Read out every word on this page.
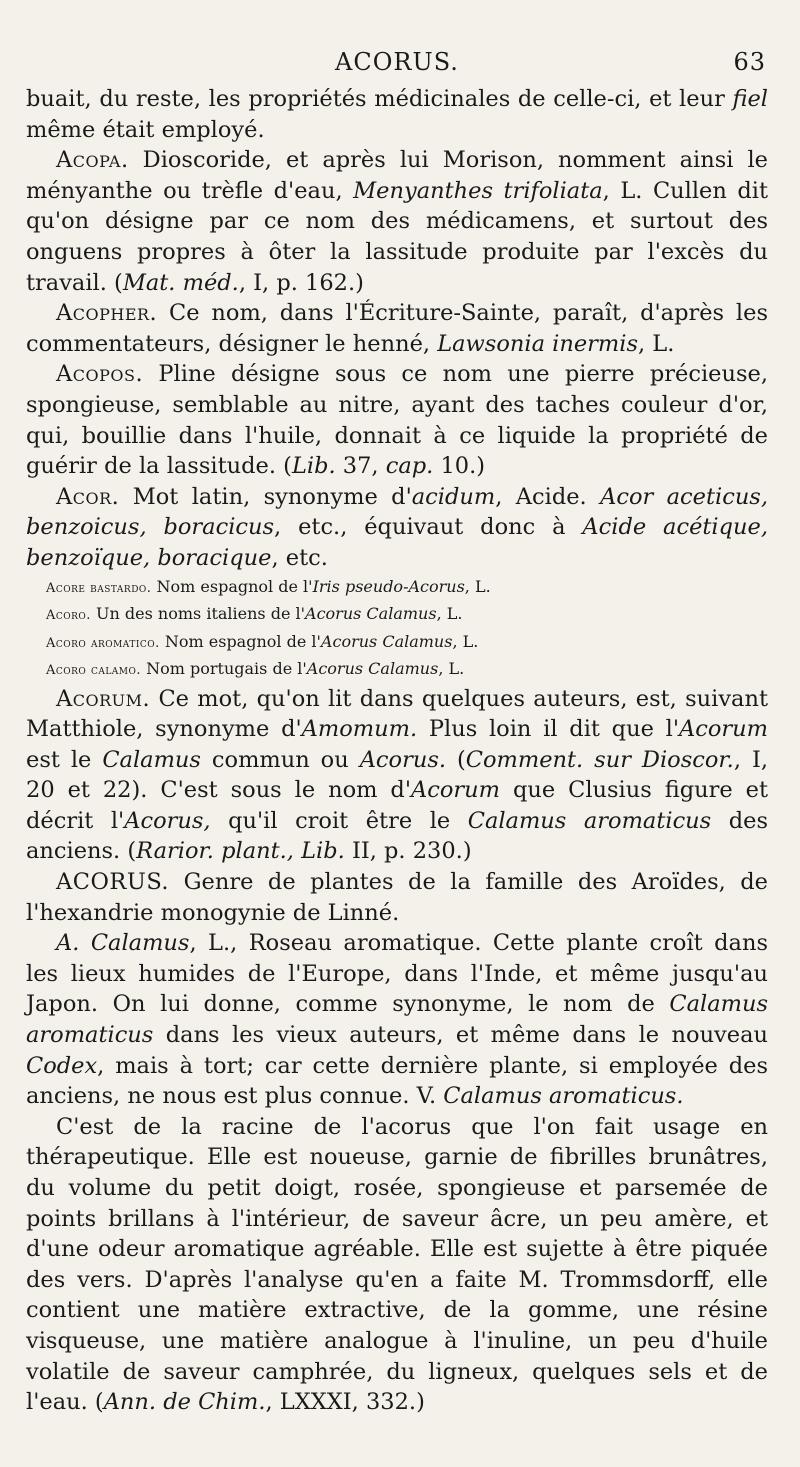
ACORUS.	63

buait, du reste, les propriétés médicinales de celle-ci, et leur fiel même était employé.

Acopa. Dioscoride, et après lui Morison, nomment ainsi le ményanthe ou trèfle d'eau, Menyanthes trifoliata, L. Cullen dit qu'on désigne par ce nom des médicamens, et surtout des onguens propres à ôter la lassitude produite par l'excès du travail. (Mat. méd., I, p. 162.)

Acopher. Ce nom, dans l'Écriture-Sainte, paraît, d'après les commentateurs, désigner le henné, Lawsonia inermis, L.

Acopos. Pline désigne sous ce nom une pierre précieuse, spongieuse, semblable au nitre, ayant des taches couleur d'or, qui, bouillie dans l'huile, donnait à ce liquide la propriété de guérir de la lassitude. (Lib. 37, cap. 10.)

Acor. Mot latin, synonyme d'acidum, Acide. Acor aceticus, benzoicus, boracicus, etc., équivaut donc à Acide acétique, benzoïque, boracique, etc.

Acore bastardo. Nom espagnol de l'Iris pseudo-Acorus, L.

Acoro. Un des noms italiens de l'Acorus Calamus, L.

Acoro aromatico. Nom espagnol de l'Acorus Calamus, L.

Acoro calamo. Nom portugais de l'Acorus Calamus, L.

Acorum. Ce mot, qu'on lit dans quelques auteurs, est, suivant Matthiole, synonyme d'Amomum. Plus loin il dit que l'Acorum est le Calamus commun ou Acorus. (Comment. sur Dioscor., I, 20 et 22). C'est sous le nom d'Acorum que Clusius figure et décrit l'Acorus, qu'il croit être le Calamus aromaticus des anciens. (Rarior. plant., Lib. II, p. 230.)

ACORUS. Genre de plantes de la famille des Aroïdes, de l'hexandrie monogynie de Linné.

A. Calamus, L., Roseau aromatique. Cette plante croît dans les lieux humides de l'Europe, dans l'Inde, et même jusqu'au Japon. On lui donne, comme synonyme, le nom de Calamus aromaticus dans les vieux auteurs, et même dans le nouveau Codex, mais à tort; car cette dernière plante, si employée des anciens, ne nous est plus connue. V. Calamus aromaticus.

C'est de la racine de l'acorus que l'on fait usage en thérapeutique. Elle est noueuse, garnie de fibrilles brunâtres, du volume du petit doigt, rosée, spongieuse et parsemée de points brillans à l'intérieur, de saveur âcre, un peu amère, et d'une odeur aromatique agréable. Elle est sujette à être piquée des vers. D'après l'analyse qu'en a faite M. Trommsdorff, elle contient une matière extractive, de la gomme, une résine visqueuse, une matière analogue à l'inuline, un peu d'huile volatile de saveur camphrée, du ligneux, quelques sels et de l'eau. (Ann. de Chim., LXXXI, 332.)
